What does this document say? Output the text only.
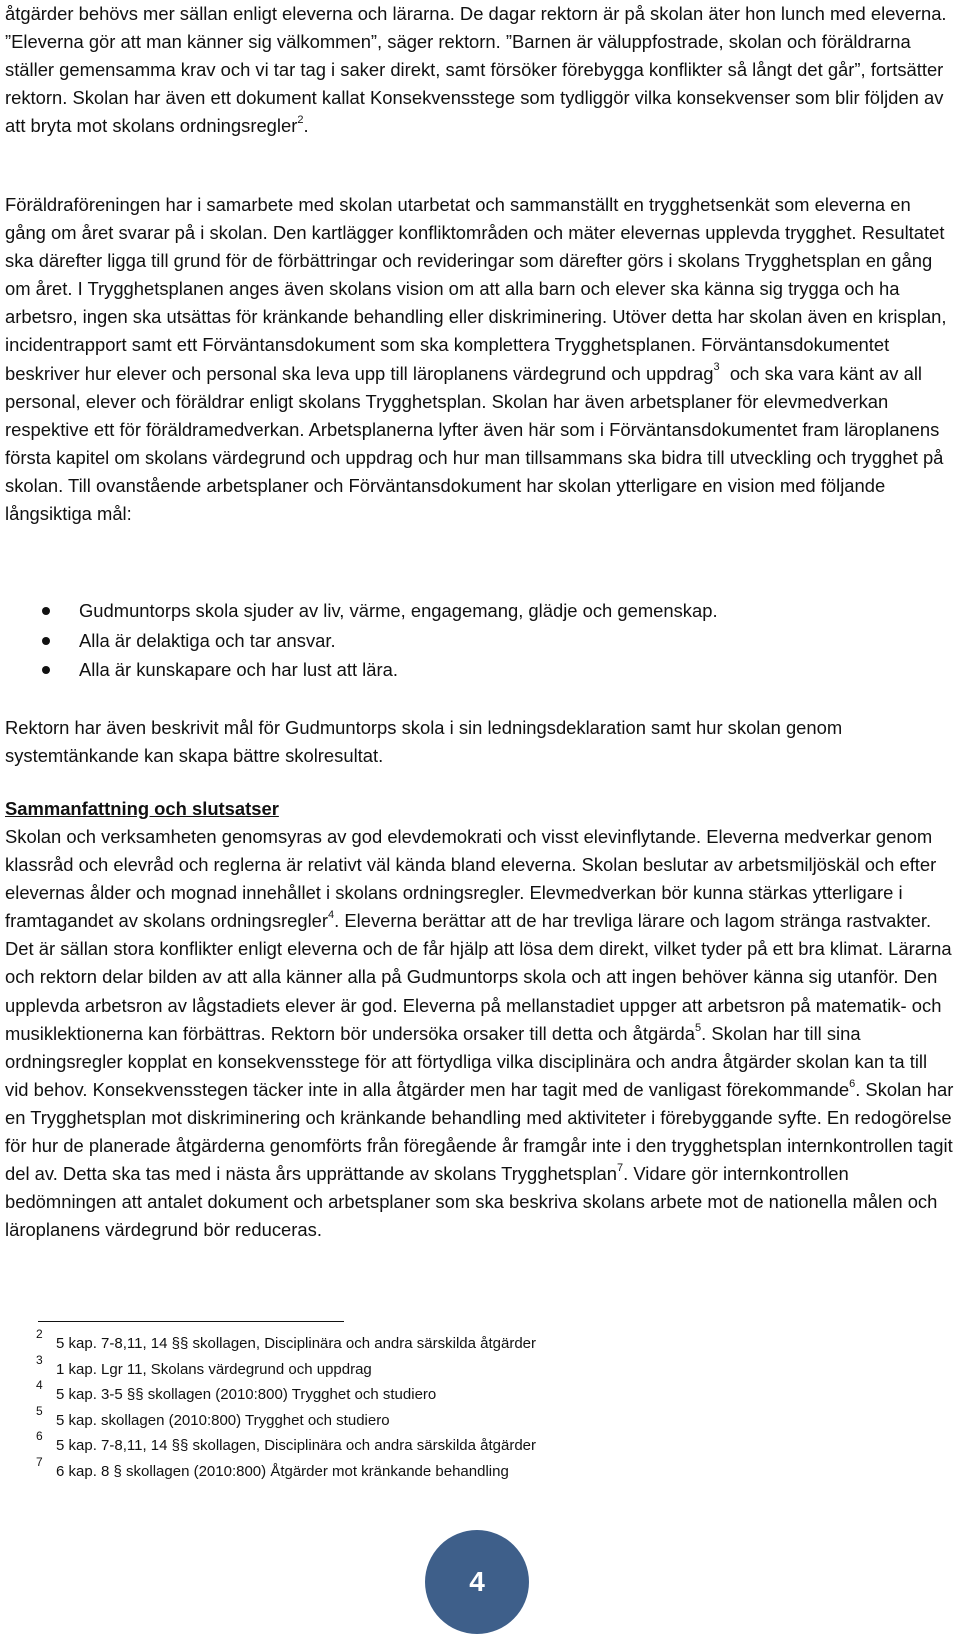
åtgärder behövs mer sällan enligt eleverna och lärarna. De dagar rektorn är på skolan äter hon lunch med eleverna. ”Eleverna gör att man känner sig välkommen”, säger rektorn. ”Barnen är väluppfostrade, skolan och föräldrarna ställer gemensamma krav och vi tar tag i saker direkt, samt försöker förebygga konflikter så långt det går”, fortsätter rektorn. Skolan har även ett dokument kallat Konsekvensstege som tydliggör vilka konsekvenser som blir följden av att bryta mot skolans ordningsregler$^2$.

Föräldraföreningen har i samarbete med skolan utarbetat och sammanställt en trygghetsenkät som eleverna en gång om året svarar på i skolan. Den kartlägger konfliktområden och mäter elevernas upplevda trygghet. Resultatet ska därefter ligga till grund för de förbättringar och revideringar som därefter görs i skolans Trygghetsplan en gång om året. I Trygghetsplanen anges även skolans vision om att alla barn och elever ska känna sig trygga och ha arbetsro, ingen ska utsättas för kränkande behandling eller diskriminering. Utöver detta har skolan även en krisplan, incidentrapport samt ett Förväntansdokument som ska komplettera Trygghetsplanen. Förväntansdokumentet beskriver hur elever och personal ska leva upp till läroplanens värdegrund och uppdrag$^3$ och ska vara känt av all personal, elever och föräldrar enligt skolans Trygghetsplan. Skolan har även arbetsplaner för elevmedverkan respektive ett för föräldramedverkan. Arbetsplanerna lyfter även här som i Förväntansdokumentet fram läroplanens första kapitel om skolans värdegrund och uppdrag och hur man tillsammans ska bidra till utveckling och trygghet på skolan. Till ovanstående arbetsplaner och Förväntansdokument har skolan ytterligare en vision med följande långsiktiga mål:

Gudmuntorps skola sjuder av liv, värme, engagemang, glädje och gemenskap.
Alla är delaktiga och tar ansvar.
Alla är kunskapare och har lust att lära.

Rektorn har även beskrivit mål för Gudmuntorps skola i sin ledningsdeklaration samt hur skolan genom systemtänkande kan skapa bättre skolresultat.

Sammanfattning och slutsatser

Skolan och verksamheten genomsyras av god elevdemokrati och visst elevinflytande. Eleverna medverkar genom klassråd och elevråd och reglerna är relativt väl kända bland eleverna. Skolan beslutar av arbetsmiljöskäl och efter elevernas ålder och mognad innehållet i skolans ordningsregler. Elevmedverkan bör kunna stärkas ytterligare i framtagandet av skolans ordningsregler$^4$. Eleverna berättar att de har trevliga lärare och lagom stränga rastvakter. Det är sällan stora konflikter enligt eleverna och de får hjälp att lösa dem direkt, vilket tyder på ett bra klimat. Lärarna och rektorn delar bilden av att alla känner alla på Gudmuntorps skola och att ingen behöver känna sig utanför. Den upplevda arbetsron av lågstadiets elever är god. Eleverna på mellanstadiet uppger att arbetsron på matematik- och musiklektionerna kan förbättras. Rektorn bör undersöka orsaker till detta och åtgärda$^5$. Skolan har till sina ordningsregler kopplat en konsekvensstege för att förtydliga vilka disciplinära och andra åtgärder skolan kan ta till vid behov. Konsekvensstegen täcker inte in alla åtgärder men har tagit med de vanligast förekommande$^6$. Skolan har en Trygghetsplan mot diskriminering och kränkande behandling med aktiviteter i förebyggande syfte. En redogörelse för hur de planerade åtgärderna genomförts från föregående år framgår inte i den trygghetsplan internkontrollen tagit del av. Detta ska tas med i nästa års upprättande av skolans Trygghetsplan$^7$. Vidare gör internkontrollen bedömningen att antalet dokument och arbetsplaner som ska beskriva skolans arbete mot de nationella målen och läroplanens värdegrund bör reduceras.

2
5 kap. 7-8,11, 14 §§ skollagen, Disciplinära och andra särskilda åtgärder
3
1 kap. Lgr 11, Skolans värdegrund och uppdrag
4
5 kap. 3-5 §§ skollagen (2010:800) Trygghet och studiero
5
5 kap. skollagen (2010:800) Trygghet och studiero
6
5 kap. 7-8,11, 14 §§ skollagen, Disciplinära och andra särskilda åtgärder
7
6 kap. 8 § skollagen (2010:800) Åtgärder mot kränkande behandling
4
